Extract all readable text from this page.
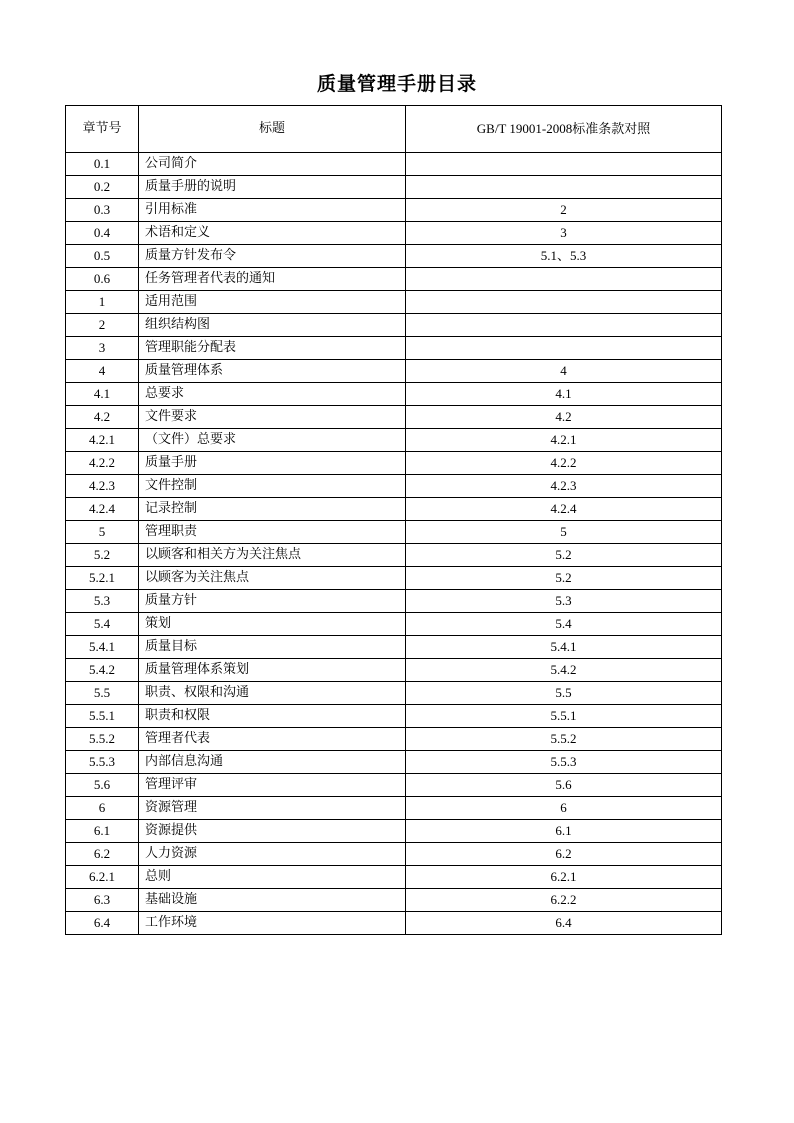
质量管理手册目录
章节号	标题	GB/T 19001-2008标准条款对照
0.1	公司简介	
0.2	质量手册的说明	
0.3	引用标准	2
0.4	术语和定义	3
0.5	质量方针发布令	5.1、5.3
0.6	任务管理者代表的通知	
1	适用范围	
2	组织结构图	
3	管理职能分配表	
4	质量管理体系	4
4.1	总要求	4.1
4.2	文件要求	4.2
4.2.1	（文件）总要求	4.2.1
4.2.2	质量手册	4.2.2
4.2.3	文件控制	4.2.3
4.2.4	记录控制	4.2.4
5	管理职责	5
5.2	以顾客和相关方为关注焦点	5.2
5.2.1	以顾客为关注焦点	5.2
5.3	质量方针	5.3
5.4	策划	5.4
5.4.1	质量目标	5.4.1
5.4.2	质量管理体系策划	5.4.2
5.5	职责、权限和沟通	5.5
5.5.1	职责和权限	5.5.1
5.5.2	管理者代表	5.5.2
5.5.3	内部信息沟通	5.5.3
5.6	管理评审	5.6
6	资源管理	6
6.1	资源提供	6.1
6.2	人力资源	6.2
6.2.1	总则	6.2.1
6.3	基础设施	6.2.2
6.4	工作环境	6.4
